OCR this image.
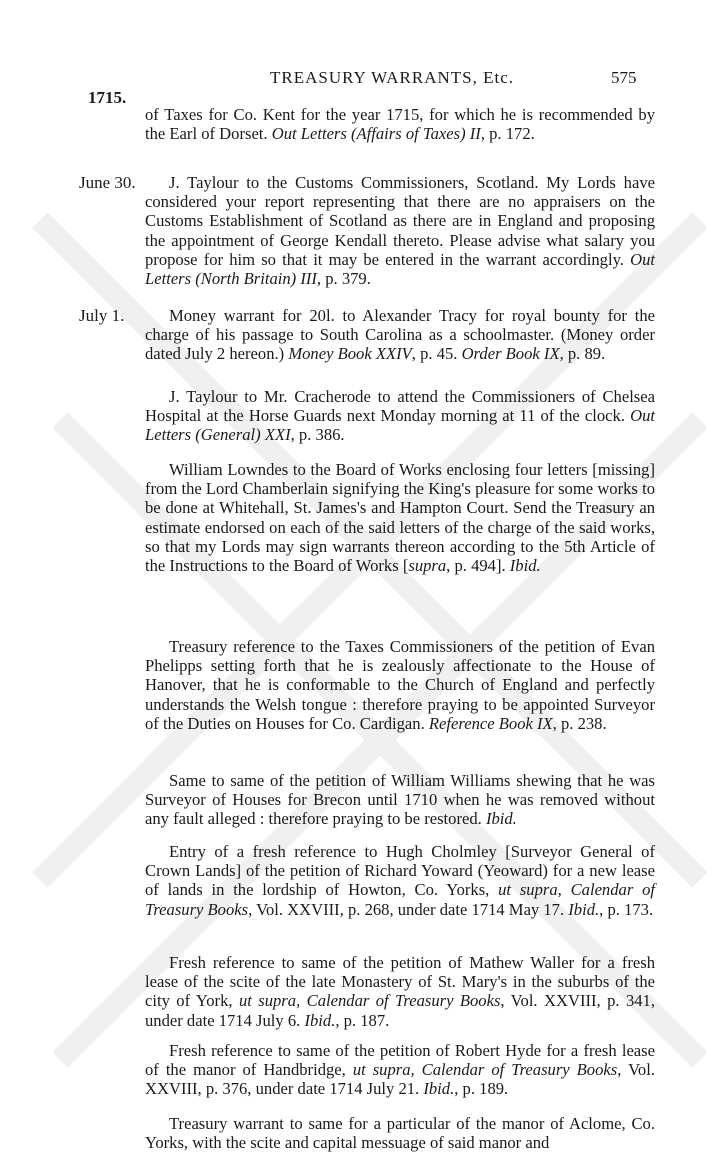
TREASURY WARRANTS, Etc.	575
1715.
June 30.
July 1.
of Taxes for Co. Kent for the year 1715, for which he is recommended by the Earl of Dorset. Out Letters (Affairs of Taxes) II, p. 172.
J. Taylour to the Customs Commissioners, Scotland. My Lords have considered your report representing that there are no appraisers on the Customs Establishment of Scotland as there are in England and proposing the appointment of George Kendall thereto. Please advise what salary you propose for him so that it may be entered in the warrant accordingly. Out Letters (North Britain) III, p. 379.
Money warrant for 20l. to Alexander Tracy for royal bounty for the charge of his passage to South Carolina as a schoolmaster. (Money order dated July 2 hereon.) Money Book XXIV, p. 45. Order Book IX, p. 89.
J. Taylour to Mr. Cracherode to attend the Commissioners of Chelsea Hospital at the Horse Guards next Monday morning at 11 of the clock. Out Letters (General) XXI, p. 386.
William Lowndes to the Board of Works enclosing four letters [missing] from the Lord Chamberlain signifying the King's pleasure for some works to be done at Whitehall, St. James's and Hampton Court. Send the Treasury an estimate endorsed on each of the said letters of the charge of the said works, so that my Lords may sign warrants thereon according to the 5th Article of the Instructions to the Board of Works [supra, p. 494]. Ibid.
Treasury reference to the Taxes Commissioners of the petition of Evan Phelipps setting forth that he is zealously affectionate to the House of Hanover, that he is conformable to the Church of England and perfectly understands the Welsh tongue : therefore praying to be appointed Surveyor of the Duties on Houses for Co. Cardigan. Reference Book IX, p. 238.
Same to same of the petition of William Williams shewing that he was Surveyor of Houses for Brecon until 1710 when he was removed without any fault alleged : therefore praying to be restored. Ibid.
Entry of a fresh reference to Hugh Cholmley [Surveyor General of Crown Lands] of the petition of Richard Yoward (Yeoward) for a new lease of lands in the lordship of Howton, Co. Yorks, ut supra, Calendar of Treasury Books, Vol. XXVIII, p. 268, under date 1714 May 17. Ibid., p. 173.
Fresh reference to same of the petition of Mathew Waller for a fresh lease of the scite of the late Monastery of St. Mary's in the suburbs of the city of York, ut supra, Calendar of Treasury Books, Vol. XXVIII, p. 341, under date 1714 July 6. Ibid., p. 187.
Fresh reference to same of the petition of Robert Hyde for a fresh lease of the manor of Handbridge, ut supra, Calendar of Treasury Books, Vol. XXVIII, p. 376, under date 1714 July 21. Ibid., p. 189.
Treasury warrant to same for a particular of the manor of Aclome, Co. Yorks, with the scite and capital messuage of said manor and
